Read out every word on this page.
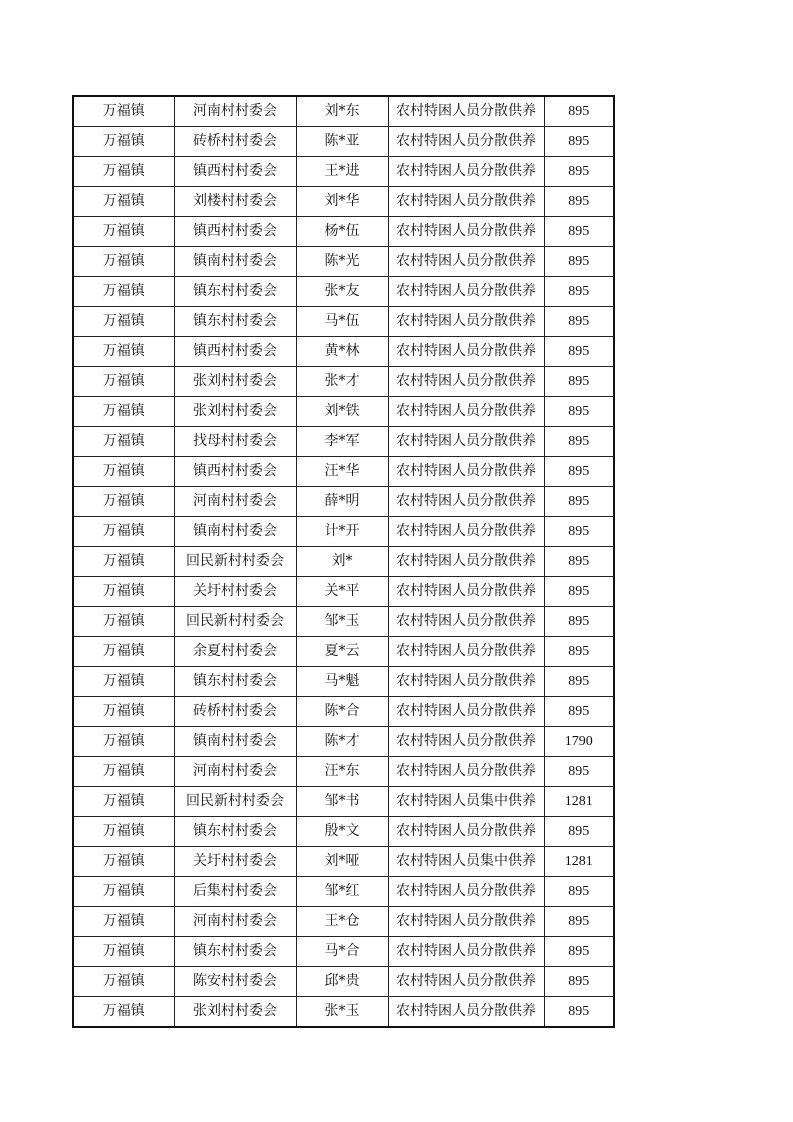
万福镇	河南村村委会	刘*东	农村特困人员分散供养	895
万福镇	砖桥村村委会	陈*亚	农村特困人员分散供养	895
万福镇	镇西村村委会	王*进	农村特困人员分散供养	895
万福镇	刘楼村村委会	刘*华	农村特困人员分散供养	895
万福镇	镇西村村委会	杨*伍	农村特困人员分散供养	895
万福镇	镇南村村委会	陈*光	农村特困人员分散供养	895
万福镇	镇东村村委会	张*友	农村特困人员分散供养	895
万福镇	镇东村村委会	马*伍	农村特困人员分散供养	895
万福镇	镇西村村委会	黄*林	农村特困人员分散供养	895
万福镇	张刘村村委会	张*才	农村特困人员分散供养	895
万福镇	张刘村村委会	刘*铁	农村特困人员分散供养	895
万福镇	找母村村委会	李*军	农村特困人员分散供养	895
万福镇	镇西村村委会	汪*华	农村特困人员分散供养	895
万福镇	河南村村委会	薛*明	农村特困人员分散供养	895
万福镇	镇南村村委会	计*开	农村特困人员分散供养	895
万福镇	回民新村村委会	刘*	农村特困人员分散供养	895
万福镇	关圩村村委会	关*平	农村特困人员分散供养	895
万福镇	回民新村村委会	邹*玉	农村特困人员分散供养	895
万福镇	余夏村村委会	夏*云	农村特困人员分散供养	895
万福镇	镇东村村委会	马*魁	农村特困人员分散供养	895
万福镇	砖桥村村委会	陈*合	农村特困人员分散供养	895
万福镇	镇南村村委会	陈*才	农村特困人员分散供养	1790
万福镇	河南村村委会	汪*东	农村特困人员分散供养	895
万福镇	回民新村村委会	邹*书	农村特困人员集中供养	1281
万福镇	镇东村村委会	殷*文	农村特困人员分散供养	895
万福镇	关圩村村委会	刘*哑	农村特困人员集中供养	1281
万福镇	后集村村委会	邹*红	农村特困人员分散供养	895
万福镇	河南村村委会	王*仓	农村特困人员分散供养	895
万福镇	镇东村村委会	马*合	农村特困人员分散供养	895
万福镇	陈安村村委会	邱*贵	农村特困人员分散供养	895
万福镇	张刘村村委会	张*玉	农村特困人员分散供养	895
